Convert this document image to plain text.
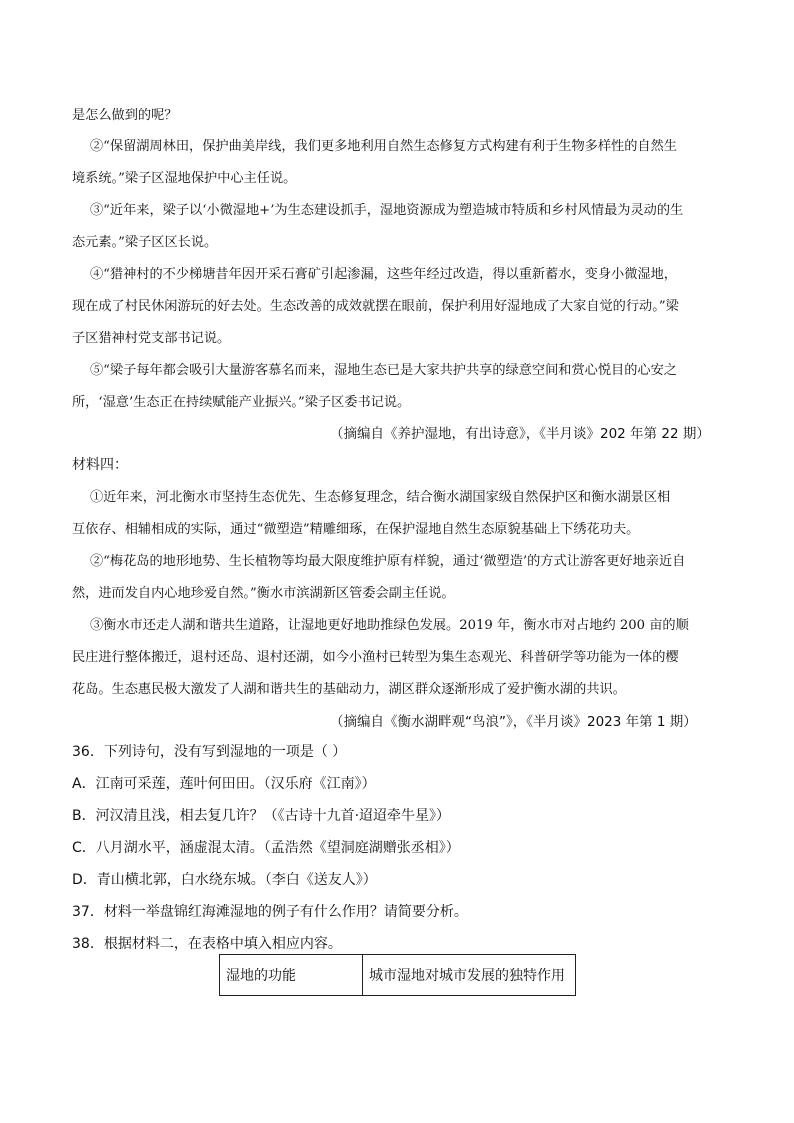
是怎么做到的呢？
②“保留湖周林田，保护曲美岸线，我们更多地利用自然生态修复方式构建有利于生物多样性的自然生
境系统。”梁子区湿地保护中心主任说。
③“近年来，梁子以‘小微湿地+’为生态建设抓手，湿地资源成为塑造城市特质和乡村风情最为灵动的生
态元素。”梁子区区长说。
④“猎神村的不少梯塘昔年因开采石膏矿引起渗漏，这些年经过改造，得以重新蓄水，变身小微湿地，
现在成了村民休闲游玩的好去处。生态改善的成效就摆在眼前，保护利用好湿地成了大家自觉的行动。”梁
子区猎神村党支部书记说。
⑤“梁子每年都会吸引大量游客慕名而来，湿地生态已是大家共护共享的绿意空间和赏心悦目的心安之
所，‘湿意’生态正在持续赋能产业振兴。”梁子区委书记说。
（摘编自《养护湿地，有出诗意》，《半月谈》202 年第 22 期）
材料四：
①近年来，河北衡水市坚持生态优先、生态修复理念，结合衡水湖国家级自然保护区和衡水湖景区相
互依存、相辅相成的实际，通过“微塑造”精雕细琢，在保护湿地自然生态原貌基础上下绣花功夫。
②“梅花岛的地形地势、生长植物等均最大限度维护原有样貌，通过‘微塑造’的方式让游客更好地亲近自
然，进而发自内心地珍爱自然。”衡水市滨湖新区管委会副主任说。
③衡水市还走人湖和谐共生道路，让湿地更好地助推绿色发展。2019 年，衡水市对占地约 200 亩的顺
民庄进行整体搬迁，退村还岛、退村还湖，如今小渔村已转型为集生态观光、科普研学等功能为一体的樱
花岛。生态惠民极大激发了人湖和谐共生的基础动力，湖区群众逐渐形成了爱护衡水湖的共识。
（摘编自《衡水湖畔观“鸟浪”》，《半月谈》2023 年第 1 期）
36．下列诗句，没有写到湿地的一项是（ ）
A．江南可采莲，莲叶何田田。（汉乐府《江南》）
B．河汉清且浅，相去复几许？（《古诗十九首·迢迢牵牛星》）
C．八月湖水平，涵虚混太清。（孟浩然《望洞庭湖赠张丞相》）
D．青山横北郭，白水绕东城。（李白《送友人》）
37．材料一举盘锦红海滩湿地的例子有什么作用？请简要分析。
38．根据材料二，在表格中填入相应内容。
湿地的功能	城市湿地对城市发展的独特作用
